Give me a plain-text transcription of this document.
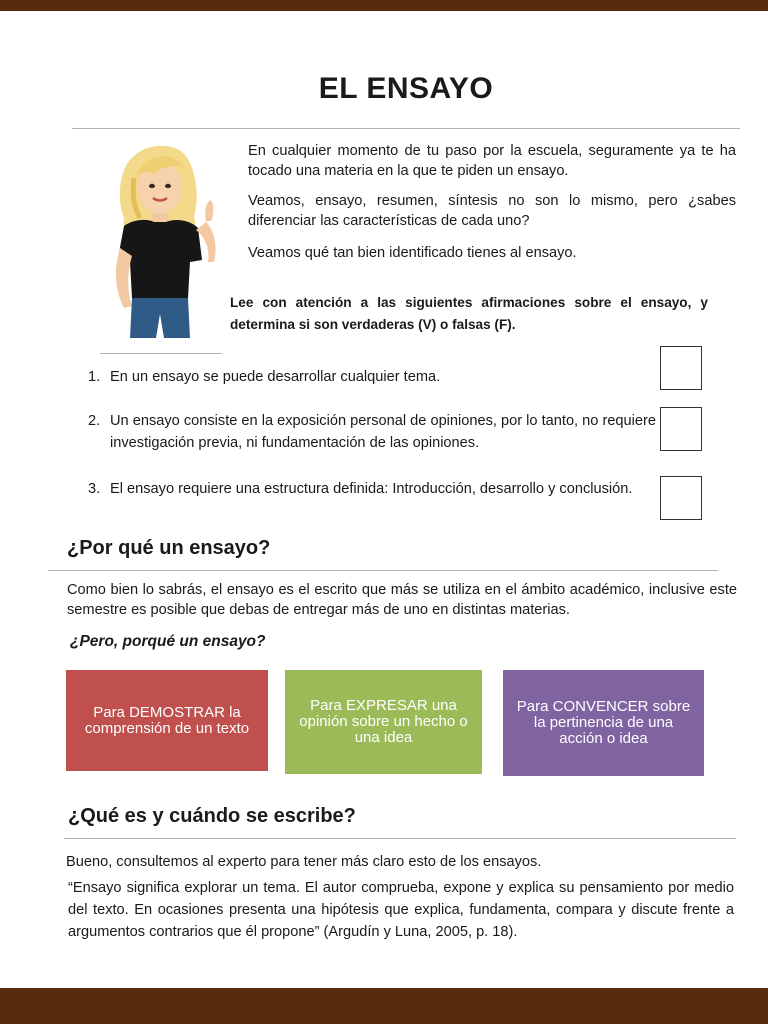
EL ENSAYO

En cualquier momento de tu paso por la escuela, seguramente ya te ha tocado una materia en la que te piden un ensayo.

Veamos, ensayo, resumen, síntesis no son lo mismo, pero ¿sabes diferenciar las características de cada uno?

Veamos qué tan bien identificado tienes al ensayo.

Lee con atención a las siguientes afirmaciones sobre el ensayo, y determina si son verdaderas (V) o falsas (F).

1. En un ensayo se puede desarrollar cualquier tema.
2. Un ensayo consiste en la exposición personal de opiniones, por lo tanto, no requiere investigación previa, ni fundamentación de las opiniones.
3. El ensayo requiere una estructura definida: Introducción, desarrollo y conclusión.
¿Por qué un ensayo?

Como bien lo sabrás, el ensayo es el escrito que más se utiliza en el ámbito académico, inclusive este semestre es posible que debas de entregar más de uno en distintas materias.

¿Pero, porqué un ensayo?
Para DEMOSTRAR la comprensión de un texto
Para EXPRESAR una opinión sobre un hecho o una idea
Para CONVENCER sobre la pertinencia de una acción o idea
¿Qué es y cuándo se escribe?

Bueno, consultemos al experto para tener más claro esto de los ensayos.

“Ensayo significa explorar un tema. El autor comprueba, expone y explica su pensamiento por medio del texto. En ocasiones presenta una hipótesis que explica, fundamenta, compara y discute frente a argumentos contrarios que él propone” (Argudín y Luna, 2005, p. 18).
